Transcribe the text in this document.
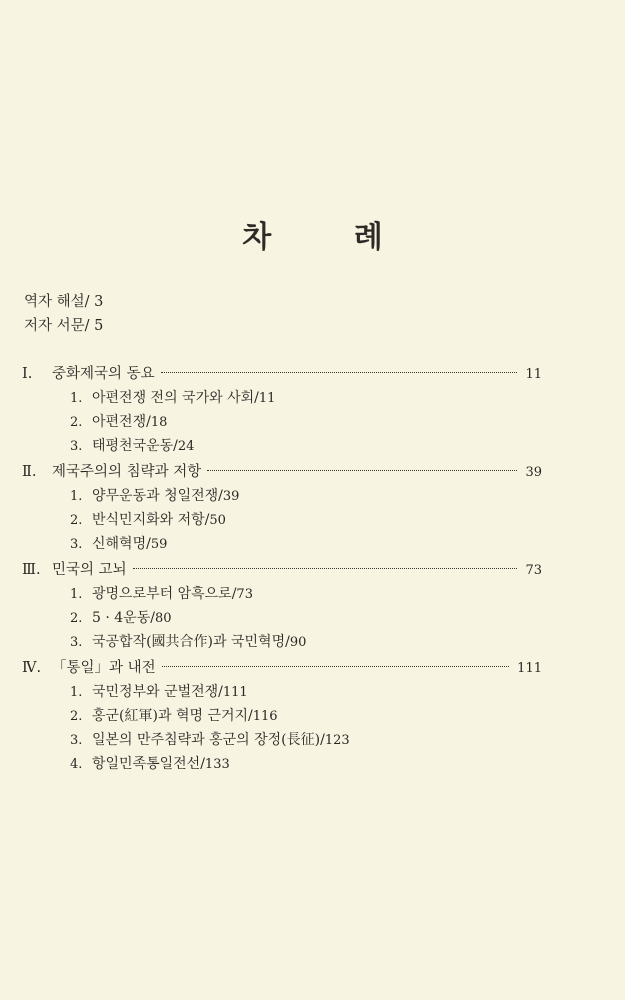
차 례
역자 해설/ 3
저자 서문/ 5
Ⅰ.	중화제국의 동요	11
1. 아편전쟁 전의 국가와 사회/11
2. 아편전쟁/18
3. 태평천국운동/24
Ⅱ.	제국주의의 침략과 저항	39
1. 양무운동과 청일전쟁/39
2. 반식민지화와 저항/50
3. 신해혁명/59
Ⅲ. 민국의 고뇌	73
1. 광명으로부터 암흑으로/73
2. 5 · 4운동/80
3. 국공합작(國共合作)과 국민혁명/90
Ⅳ. 「통일」과 내전	111
1. 국민정부와 군벌전쟁/111
2. 홍군(紅軍)과 혁명 근거지/116
3. 일본의 만주침략과 홍군의 장정(長征)/123
4. 항일민족통일전선/133
